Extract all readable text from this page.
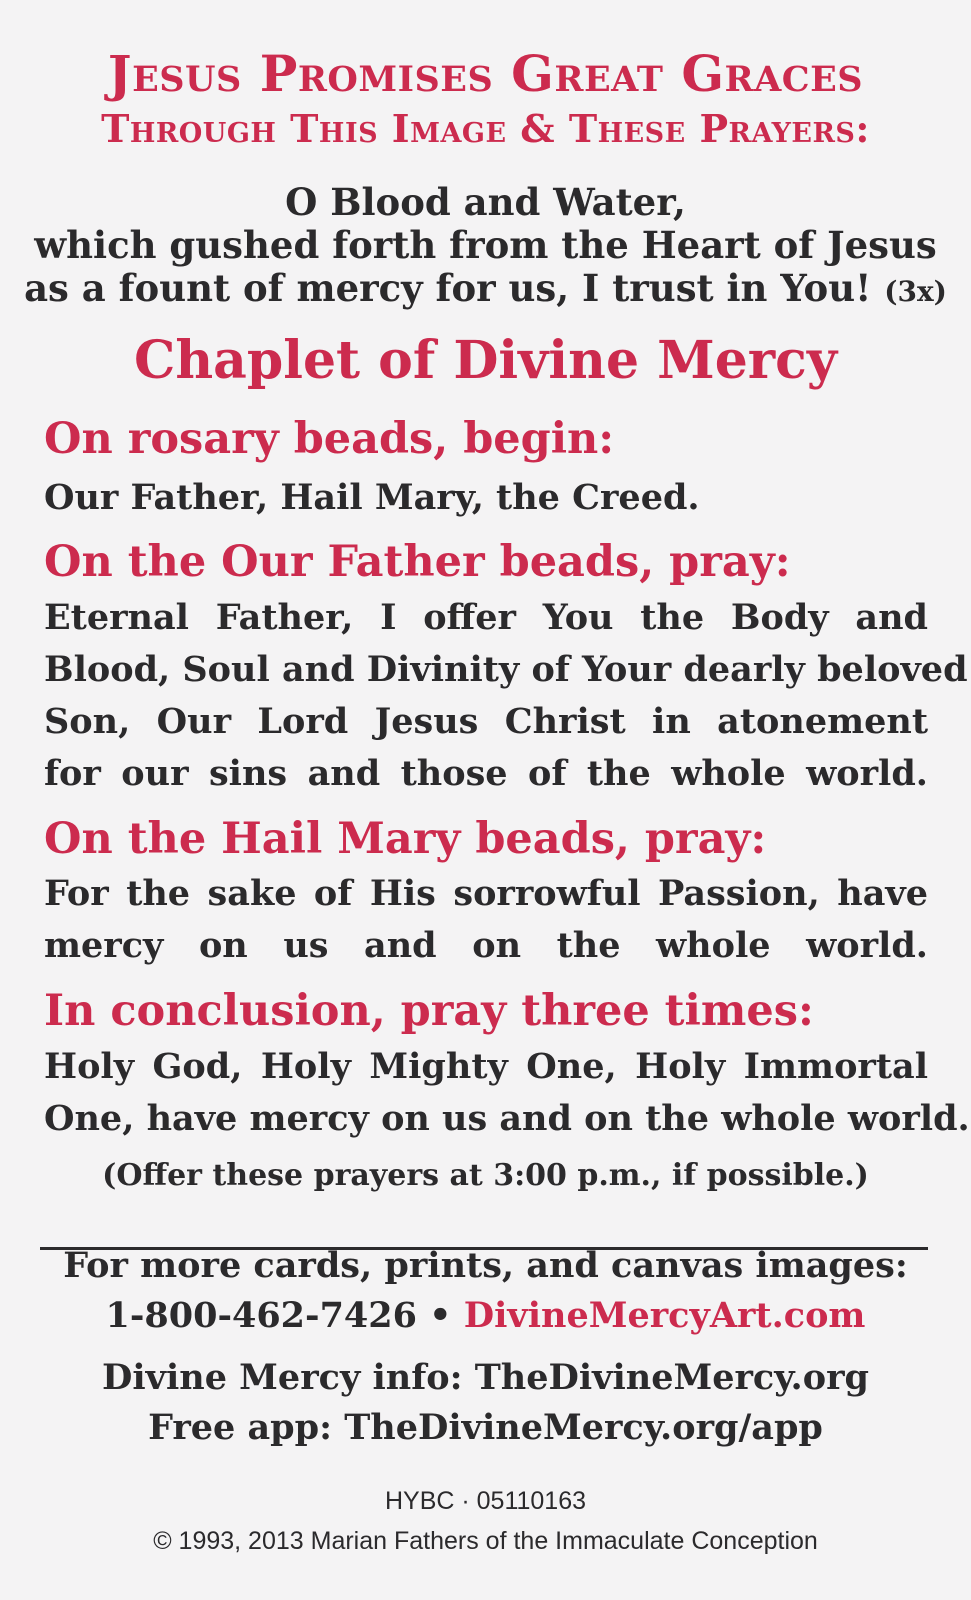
Jesus Promises Great Graces

Through This Image & These Prayers:

O Blood and Water,

which gushed forth from the Heart of Jesus

as a fount of mercy for us, I trust in You! (3x)

Chaplet of Divine Mercy

On rosary beads, begin:

Our Father, Hail Mary, the Creed.

On the Our Father beads, pray:

Eternal Father, I offer You the Body and

Blood, Soul and Divinity of Your dearly beloved

Son, Our Lord Jesus Christ in atonement

for our sins and those of the whole world.

On the Hail Mary beads, pray:

For the sake of His sorrowful Passion, have

mercy on us and on the whole world.

In conclusion, pray three times:

Holy God, Holy Mighty One, Holy Immortal

One, have mercy on us and on the whole world.

(Offer these prayers at 3:00 p.m., if possible.)

For more cards, prints, and canvas images:

1-800-462-7426 • DivineMercyArt.com

Divine Mercy info: TheDivineMercy.org

Free app: TheDivineMercy.org/app

HYBC · 05110163

© 1993, 2013 Marian Fathers of the Immaculate Conception
